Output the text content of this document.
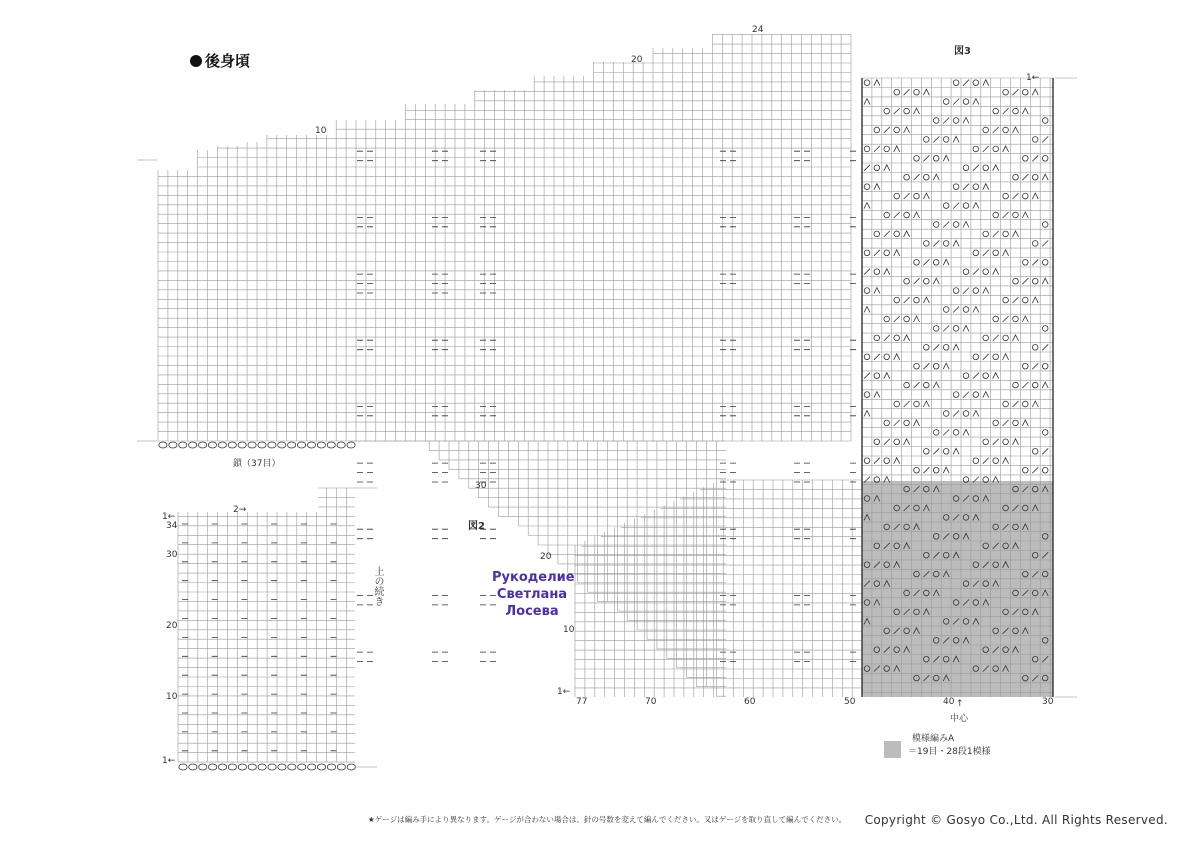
後身頃
図3
図2
24
20
10
30
20
10
1←
1←
77	70	60	50	40	30
↑
中心
鎖（37目）
1←
2→
34
30
20
10
1←
上の続き	Рукоделие
Светлана
Лосева
模様編みA
＝19目・28段1模様
★ゲージは編み手により異なります。ゲージが合わない場合は、針の号数を変えて編んでください。又はゲージを取り直して編んでください。 Copyright © Gosyo Co.,Ltd. All Rights Reserved.
